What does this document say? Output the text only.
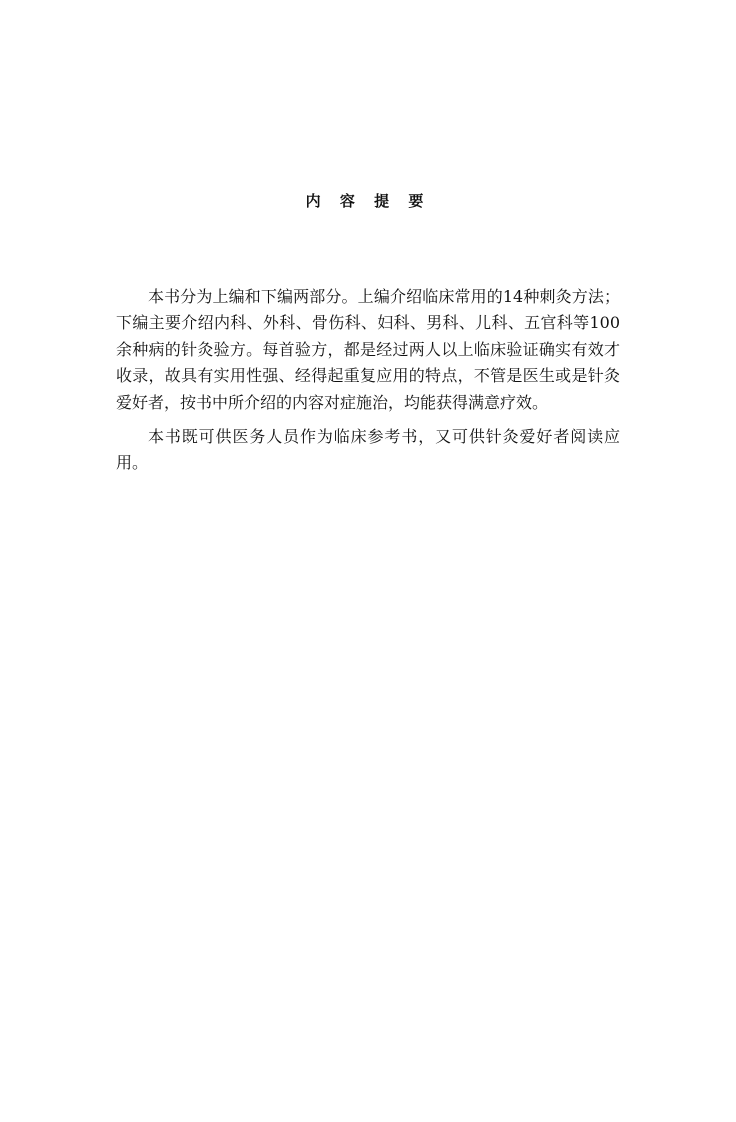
内 容 提 要

本书分为上编和下编两部分。上编介绍临床常用的14种刺灸方法；下编主要介绍内科、外科、骨伤科、妇科、男科、儿科、五官科等100余种病的针灸验方。每首验方，都是经过两人以上临床验证确实有效才收录，故具有实用性强、经得起重复应用的特点，不管是医生或是针灸爱好者，按书中所介绍的内容对症施治，均能获得满意疗效。

本书既可供医务人员作为临床参考书，又可供针灸爱好者阅读应用。
